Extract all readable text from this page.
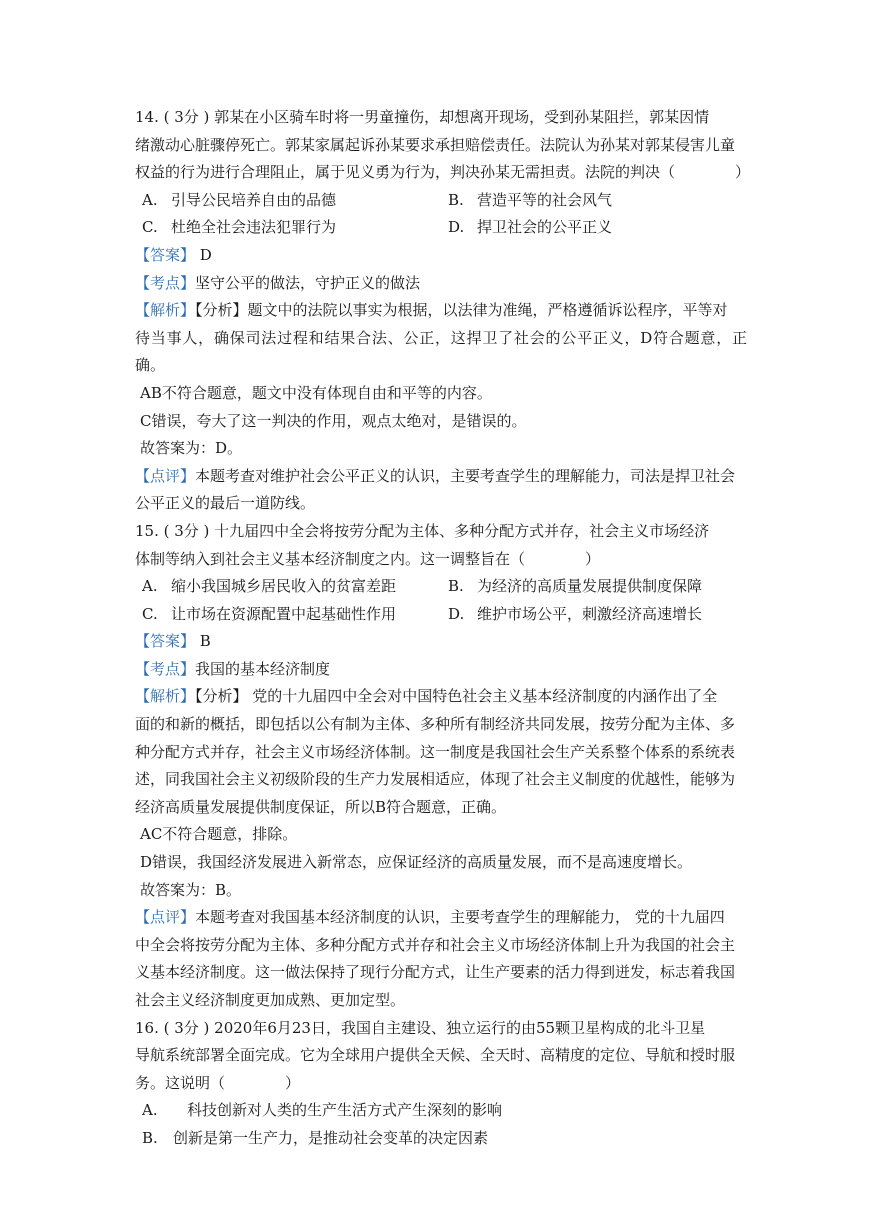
14. ( 3分 ) 郭某在小区骑车时将一男童撞伤，却想离开现场，受到孙某阻拦，郭某因情

绪激动心脏骤停死亡。郭某家属起诉孙某要求承担赔偿责任。法院认为孙某对郭某侵害儿童

权益的行为进行合理阻止，属于见义勇为行为，判决孙某无需担责。法院的判决（　　　　）

A. 引导公民培养自由的品德	B. 营造平等的社会风气
C. 杜绝全社会违法犯罪行为	D. 捍卫社会的公平正义

【答案】 D

【考点】坚守公平的做法，守护正义的做法

【解析】【分析】题文中的法院以事实为根据，以法律为准绳，严格遵循诉讼程序，平等对

待当事人，确保司法过程和结果合法、公正，这捍卫了社会的公平正义，D符合题意，正确。

AB不符合题意，题文中没有体现自由和平等的内容。

C错误，夸大了这一判决的作用，观点太绝对，是错误的。

故答案为：D。

【点评】本题考查对维护社会公平正义的认识，主要考查学生的理解能力，司法是捍卫社会

公平正义的最后一道防线。

15. ( 3分 ) 十九届四中全会将按劳分配为主体、多种分配方式并存，社会主义市场经济

体制等纳入到社会主义基本经济制度之内。这一调整旨在（　　　　）

A. 缩小我国城乡居民收入的贫富差距	B. 为经济的高质量发展提供制度保障
C. 让市场在资源配置中起基础性作用	D. 维护市场公平，刺激经济高速增长

【答案】 B

【考点】我国的基本经济制度

【解析】【分析】 党的十九届四中全会对中国特色社会主义基本经济制度的内涵作出了全

面的和新的概括，即包括以公有制为主体、多种所有制经济共同发展，按劳分配为主体、多

种分配方式并存，社会主义市场经济体制。这一制度是我国社会生产关系整个体系的系统表

述，同我国社会主义初级阶段的生产力发展相适应，体现了社会主义制度的优越性，能够为

经济高质量发展提供制度保证，所以B符合题意，正确。

AC不符合题意，排除。

D错误，我国经济发展进入新常态，应保证经济的高质量发展，而不是高速度增长。

故答案为：B。

【点评】本题考查对我国基本经济制度的认识，主要考查学生的理解能力， 党的十九届四

中全会将按劳分配为主体、多种分配方式并存和社会主义市场经济体制上升为我国的社会主

义基本经济制度。这一做法保持了现行分配方式，让生产要素的活力得到迸发，标志着我国

社会主义经济制度更加成熟、更加定型。

16. ( 3分 ) 2020年6月23日，我国自主建设、独立运行的由55颗卫星构成的北斗卫星

导航系统部署全面完成。它为全球用户提供全天候、全天时、高精度的定位、导航和授时服

务。这说明（　　　　）

A.	科技创新对人类的生产生活方式产生深刻的影响
B.	创新是第一生产力，是推动社会变革的决定因素
